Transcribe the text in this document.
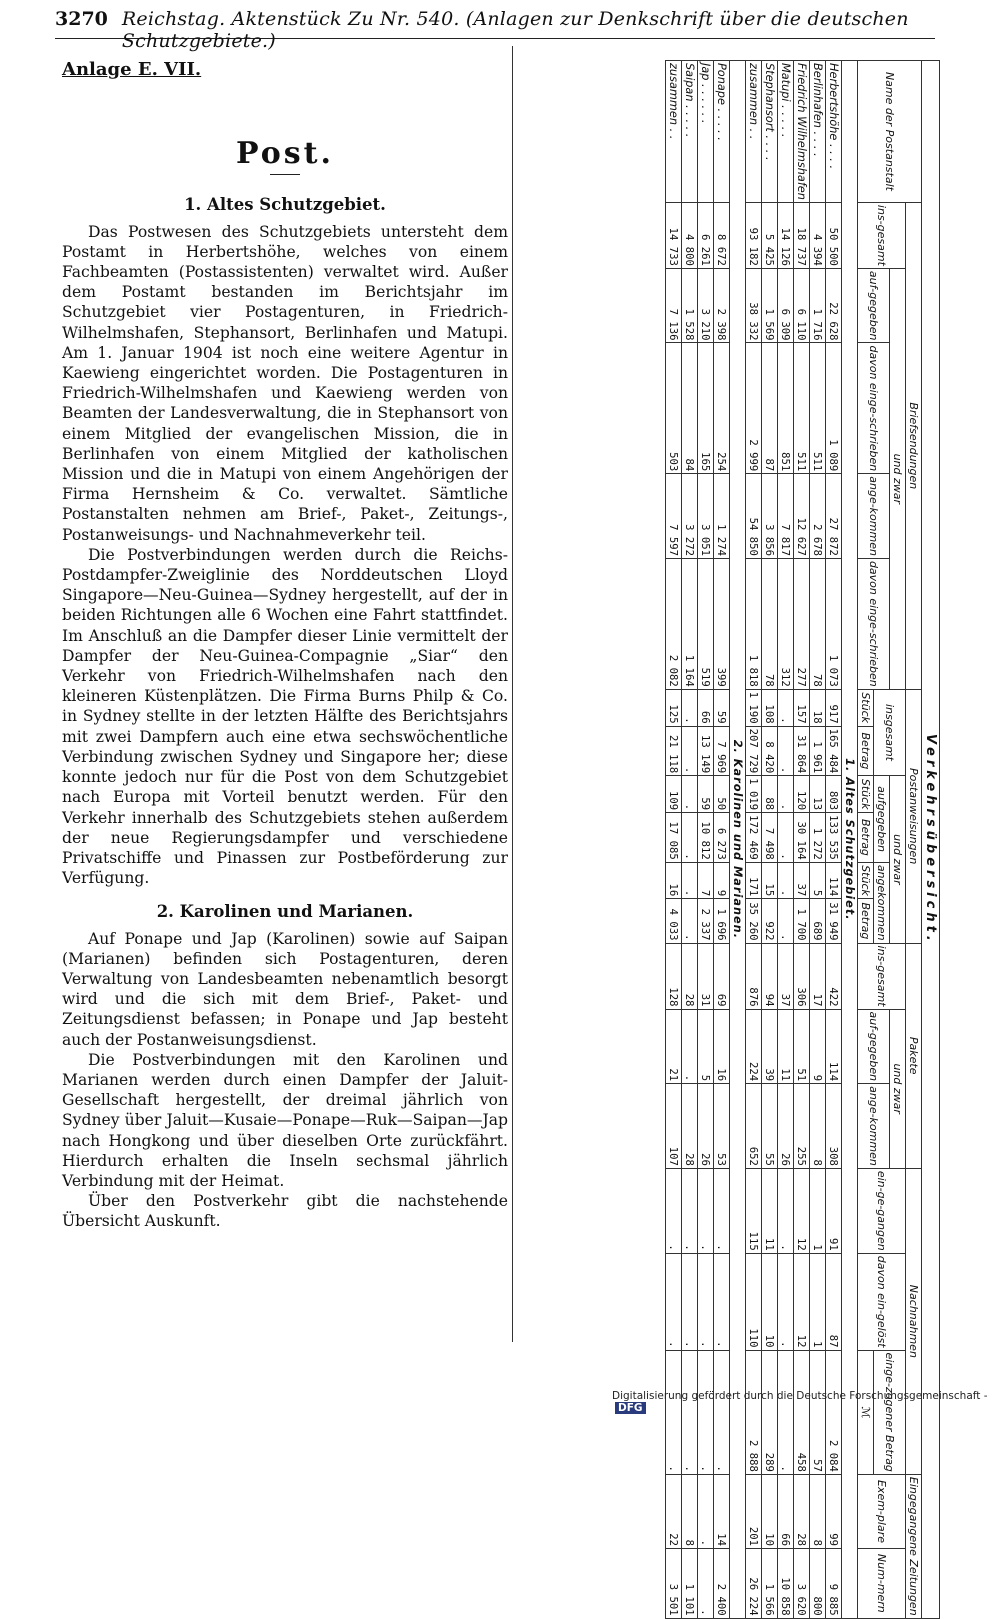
3270 Reichstag. Aktenstück Zu Nr. 540. (Anlagen zur Denkschrift über die deutschen Schutzgebiete.)
Anlage E. VII.
Post.
1. Altes Schutzgebiet.

Das Postwesen des Schutzgebiets untersteht dem Postamt in Herbertshöhe, welches von einem Fachbeamten (Postassistenten) verwaltet wird. Außer dem Postamt bestanden im Berichtsjahr im Schutzgebiet vier Postagenturen, in Friedrich-Wilhelmshafen, Stephansort, Berlinhafen und Matupi. Am 1. Januar 1904 ist noch eine weitere Agentur in Kaewieng eingerichtet worden. Die Postagenturen in Friedrich-Wilhelmshafen und Kaewieng werden von Beamten der Landesverwaltung, die in Stephansort von einem Mitglied der evangelischen Mission, die in Berlinhafen von einem Mitglied der katholischen Mission und die in Matupi von einem Angehörigen der Firma Hernsheim & Co. verwaltet. Sämtliche Postanstalten nehmen am Brief-, Paket-, Zeitungs-, Postanweisungs- und Nachnahmeverkehr teil.

Die Postverbindungen werden durch die Reichs-Postdampfer-Zweiglinie des Norddeutschen Lloyd Singapore—Neu-Guinea—Sydney hergestellt, auf der in beiden Richtungen alle 6 Wochen eine Fahrt stattfindet. Im Anschluß an die Dampfer dieser Linie vermittelt der Dampfer der Neu-Guinea-Compagnie „Siar“ den Verkehr von Friedrich-Wilhelmshafen nach den kleineren Küstenplätzen. Die Firma Burns Philp & Co. in Sydney stellte in der letzten Hälfte des Berichtsjahrs mit zwei Dampfern auch eine etwa sechswöchentliche Verbindung zwischen Sydney und Singapore her; diese konnte jedoch nur für die Post von dem Schutzgebiet nach Europa mit Vorteil benutzt werden. Für den Verkehr innerhalb des Schutzgebiets stehen außerdem der neue Regierungsdampfer und verschiedene Privatschiffe und Pinassen zur Postbeförderung zur Verfügung.

2. Karolinen und Marianen.

Auf Ponape und Jap (Karolinen) sowie auf Saipan (Marianen) befinden sich Postagenturen, deren Verwaltung von Landesbeamten nebenamtlich besorgt wird und die sich mit dem Brief-, Paket- und Zeitungsdienst befassen; in Ponape und Jap besteht auch der Postanweisungsdienst.

Die Postverbindungen mit den Karolinen und Marianen werden durch einen Dampfer der Jaluit-Gesellschaft hergestellt, der dreimal jährlich von Sydney über Jaluit—Kusaie—Ponape—Ruk—Saipan—Jap nach Hongkong und über dieselben Orte zurückfährt. Hierdurch erhalten die Inseln sechsmal jährlich Verbindung mit der Heimat.

Über den Postverkehr gibt die nachstehende Übersicht Auskunft.

Verkehrsübersicht.																			
Name der Postanstalt	Briefsendungen					Postanweisungen						Pakete			Nachnahmen			Eingegangene Zeitungen	
	ins-gesamt	und zwar				insgesamt		und zwar				ins-gesamt	und zwar		ein-ge-gangen	davon ein-gelöst	einge-zogener Betrag	Exem-plare	Num-mern
		auf-gegeben	davon einge-schrieben	ange-kommen	davon einge-schrieben			aufgegeben		angekommen			auf-gegeben	ange-kommen					
						Stück	Betrag	Stück	Betrag	Stück	Betrag						ℳ		
1. Altes Schutzgebiet.																			
Herbertshöhe . . . .	50 500	22 628	1 089	27 872	1 073	917	165 484	803	133 535	114	31 949	422	114	308	91	87	2 084	99	9 885
Berlinhafen . . . .	4 394	1 716	511	2 678	78	18	1 961	13	1 272	5	689	17	9	8	1	1	57	8	800
Friedrich Wilhelmshafen	18 737	6 110	511	12 627	277	157	31 864	120	30 164	37	1 700	306	51	255	12	12	458	28	3 620
Matupi . . . . .	14 126	6 309	851	7 817	312	.	.	.	.	.	.	37	11	26	.	.	.	66	10 858
Stephansort . . . .	5 425	1 569	87	3 856	78	108	8 420	88	7 498	15	922	94	39	55	11	10	289	10	1 566
zusammen . .	93 182	38 332	2 999	54 850	1 818	1 190	207 729	1 019	172 469	171	35 260	876	224	652	115	110	2 888	201	26 224
2. Karolinen und Marianen.																			
Ponape . . . . .	8 672	2 398	254	1 274	399	59	7 969	50	6 273	9	1 696	69	16	53	.	.	.	14	2 400
Jap . . . . . .	6 261	3 210	165	3 051	519	66	13 149	59	10 812	7	2 337	31	5	26	.	.	.	.	.
Saipan . . . . .	4 800	1 528	84	3 272	1 164	.	.	.	.	.	.	28	.	28	.	.	.	8	1 101
zusammen . .	14 733	7 136	503	7 597	2 082	125	21 118	109	17 085	16	4 033	128	21	107	.	.	.	22	3 501
Digitalisierung gefördert durch die Deutsche Forschungsgemeinschaft - DFG
